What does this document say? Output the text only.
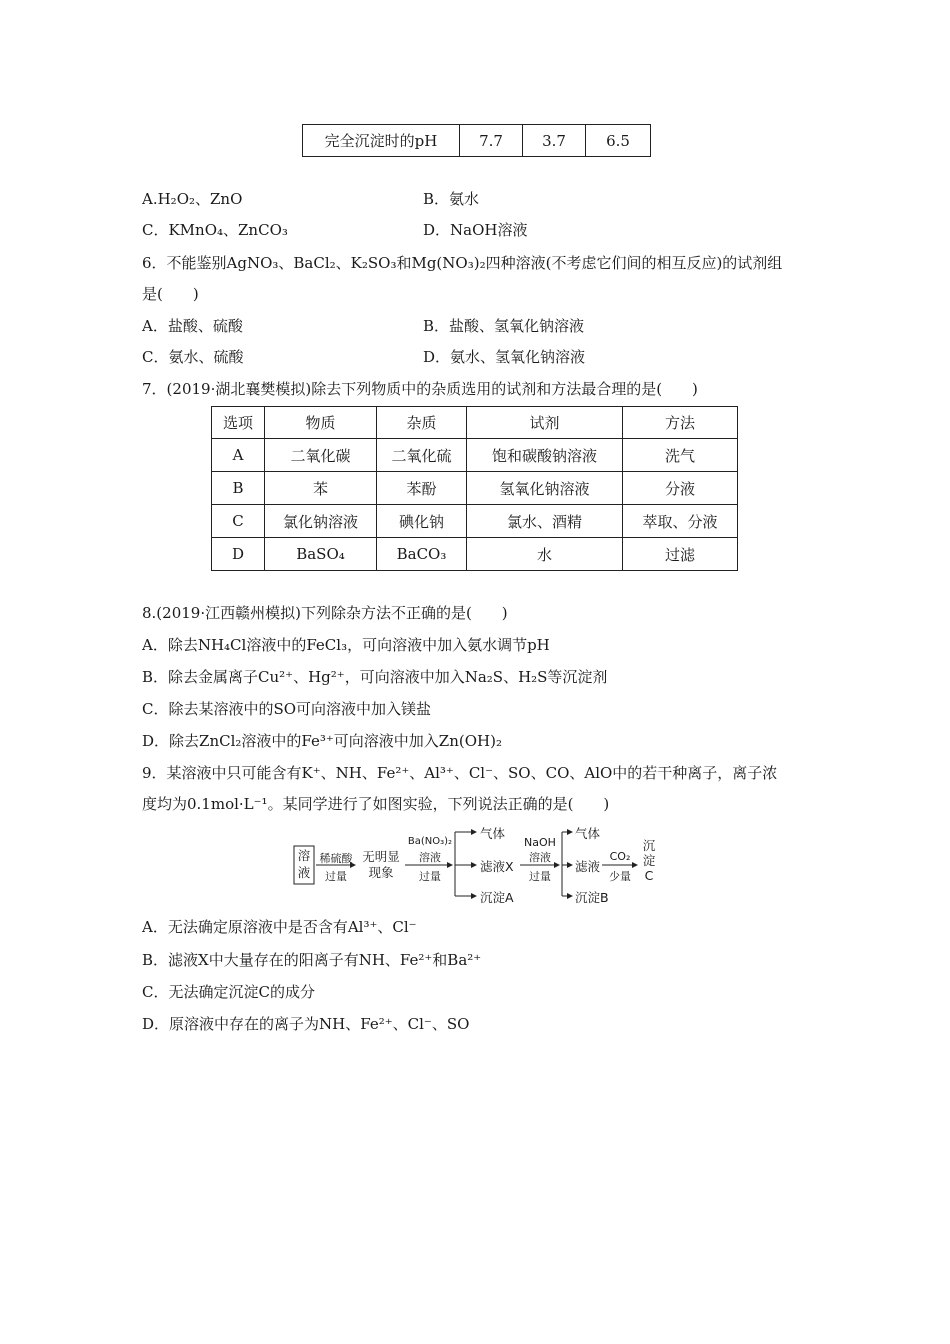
完全沉淀时的pH	7.7	3.7	6.5
A.H₂O₂、ZnO	B．氨水
C．KMnO₄、ZnCO₃	D．NaOH溶液
6．不能鉴别AgNO₃、BaCl₂、K₂SO₃和Mg(NO₃)₂四种溶液(不考虑它们间的相互反应)的试剂组
是(　　)
A．盐酸、硫酸	B．盐酸、氢氧化钠溶液
C．氨水、硫酸	D．氨水、氢氧化钠溶液
7．(2019·湖北襄樊模拟)除去下列物质中的杂质选用的试剂和方法最合理的是(　　)
选项	物质	杂质	试剂	方法
A	二氧化碳	二氧化硫	饱和碳酸钠溶液	洗气
B	苯	苯酚	氢氧化钠溶液	分液
C	氯化钠溶液	碘化钠	氯水、酒精	萃取、分液
D	BaSO₄	BaCO₃	水	过滤
8.(2019·江西赣州模拟)下列除杂方法不正确的是(　　)
A．除去NH₄Cl溶液中的FeCl₃，可向溶液中加入氨水调节pH
B．除去金属离子Cu²⁺、Hg²⁺，可向溶液中加入Na₂S、H₂S等沉淀剂
C．除去某溶液中的SO可向溶液中加入镁盐
D．除去ZnCl₂溶液中的Fe³⁺可向溶液中加入Zn(OH)₂
9．某溶液中只可能含有K⁺、NH、Fe²⁺、Al³⁺、Cl⁻、SO、CO、AlO中的若干种离子，离子浓
度均为0.1mol·L⁻¹。某同学进行了如图实验，下列说法正确的是(　　)
溶液
稀硫酸
过量
无明显现象
Ba(NO₃)₂
溶液
过量
气体
滤液X
沉淀A
NaOH
溶液
过量
气体
滤液
沉淀B
CO₂
少量
沉淀C
A．无法确定原溶液中是否含有Al³⁺、Cl⁻
B．滤液X中大量存在的阳离子有NH、Fe²⁺和Ba²⁺
C．无法确定沉淀C的成分
D．原溶液中存在的离子为NH、Fe²⁺、Cl⁻、SO
